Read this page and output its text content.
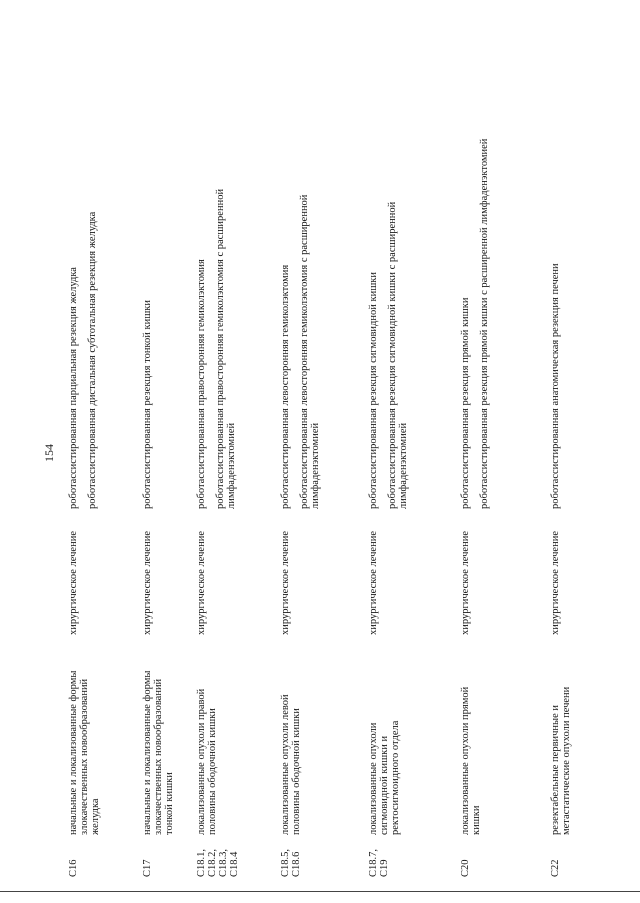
154
C16
начальные и локализованные формы злокачественных новообразований желудка
хирургическое лечение
роботассистированная парциальная резекция желудка роботассистированная дистальная субтотальная резекция желудка
C17
начальные и локализованные формы злокачественных новообразований тонкой кишки
хирургическое лечение
роботассистированная резекция тонкой кишки
C18.1, C18.2, C18.3, C18.4
локализованные опухоли правой половины ободочной кишки
хирургическое лечение
роботассистированная правосторонняя гемиколэктомия роботассистированная правосторонняя гемиколэктомия с расширенной лимфаденэктомией
C18.5, C18.6
локализованные опухоли левой половины ободочной кишки
хирургическое лечение
роботассистированная левосторонняя гемиколэктомия роботассистированная левосторонняя гемиколэктомия с расширенной лимфаденэктомией
C18.7, C19
локализованные опухоли сигмовидной кишки и ректосигмоидного отдела
хирургическое лечение
роботассистированная резекция сигмовидной кишки роботассистированная резекция сигмовидной кишки с расширенной лимфаденэктомией
C20
локализованные опухоли прямой кишки
хирургическое лечение
роботассистированная резекция прямой кишки роботассистированная резекция прямой кишки с расширенной лимфаденэктомией
C22
резектабельные первичные и метастатические опухоли печени
хирургическое лечение
роботассистированная анатомическая резекция печени
